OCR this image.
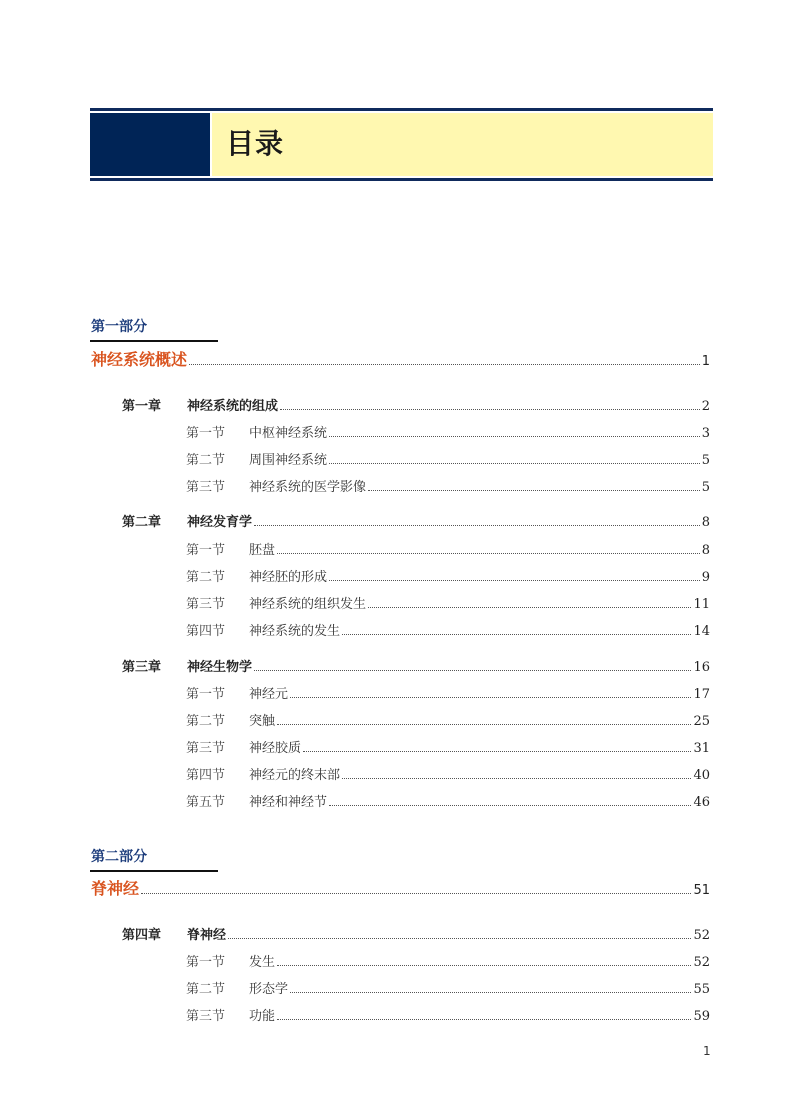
目录
第一部分
神经系统概述	1
第一章	神经系统的组成	2
第一节	中枢神经系统	3
第二节	周围神经系统	5
第三节	神经系统的医学影像	5
第二章	神经发育学	8
第一节	胚盘	8
第二节	神经胚的形成	9
第三节	神经系统的组织发生	11
第四节	神经系统的发生	14
第三章	神经生物学	16
第一节	神经元	17
第二节	突触	25
第三节	神经胶质	31
第四节	神经元的终末部	40
第五节	神经和神经节	46
第二部分
脊神经	51
第四章	脊神经	52
第一节	发生	52
第二节	形态学	55
第三节	功能	59
1
